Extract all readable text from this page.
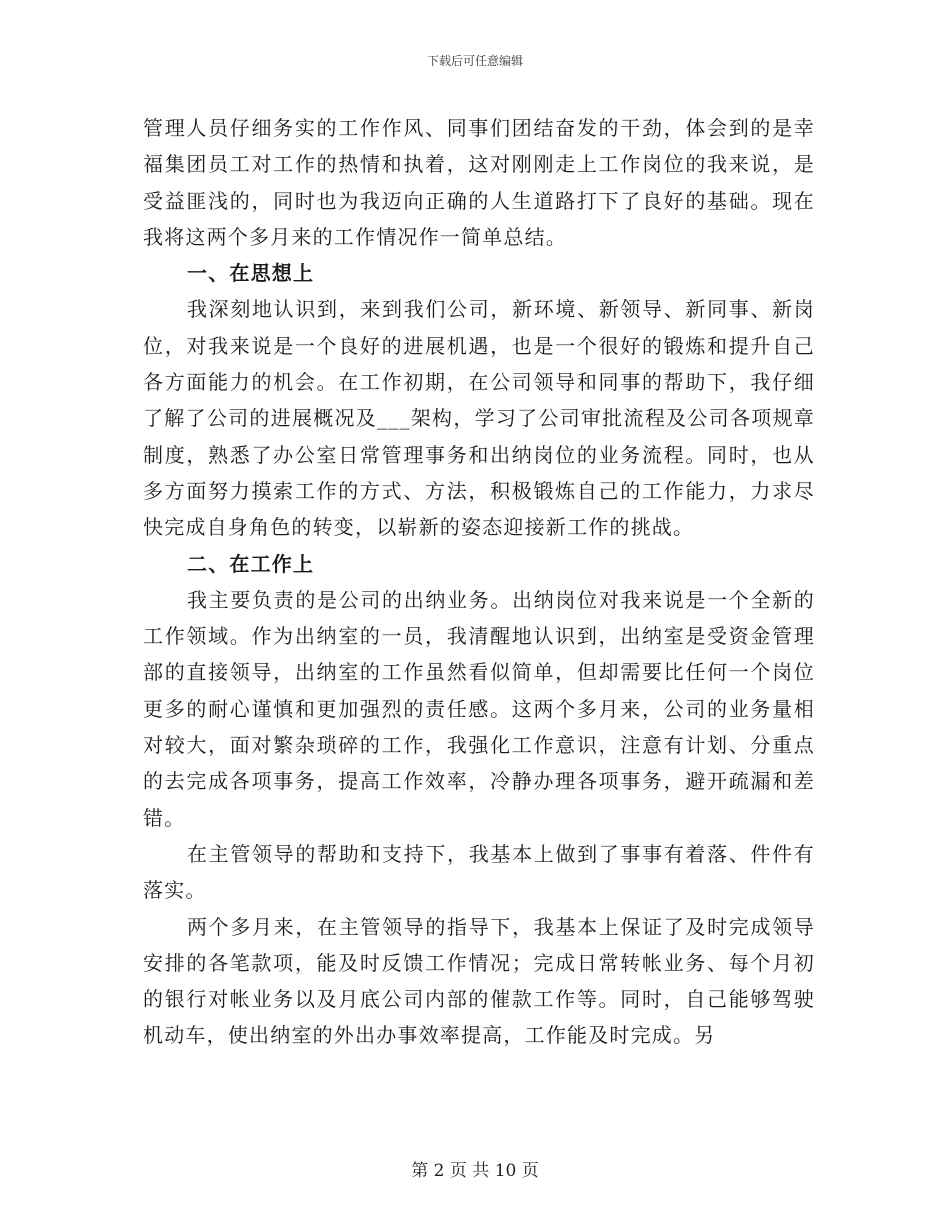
下载后可任意编辑

管理人员仔细务实的工作作风、同事们团结奋发的干劲，体会到的是幸福集团员工对工作的热情和执着，这对刚刚走上工作岗位的我来说，是受益匪浅的，同时也为我迈向正确的人生道路打下了良好的基础。现在我将这两个多月来的工作情况作一简单总结。

一、在思想上

我深刻地认识到，来到我们公司，新环境、新领导、新同事、新岗位，对我来说是一个良好的进展机遇，也是一个很好的锻炼和提升自己各方面能力的机会。在工作初期，在公司领导和同事的帮助下，我仔细了解了公司的进展概况及___架构，学习了公司审批流程及公司各项规章制度，熟悉了办公室日常管理事务和出纳岗位的业务流程。同时，也从多方面努力摸索工作的方式、方法，积极锻炼自己的工作能力，力求尽快完成自身角色的转变，以崭新的姿态迎接新工作的挑战。

二、在工作上

我主要负责的是公司的出纳业务。出纳岗位对我来说是一个全新的工作领域。作为出纳室的一员，我清醒地认识到，出纳室是受资金管理部的直接领导，出纳室的工作虽然看似简单，但却需要比任何一个岗位更多的耐心谨慎和更加强烈的责任感。这两个多月来，公司的业务量相对较大，面对繁杂琐碎的工作，我强化工作意识，注意有计划、分重点的去完成各项事务，提高工作效率，冷静办理各项事务，避开疏漏和差错。

在主管领导的帮助和支持下，我基本上做到了事事有着落、件件有落实。

两个多月来，在主管领导的指导下，我基本上保证了及时完成领导安排的各笔款项，能及时反馈工作情况；完成日常转帐业务、每个月初的银行对帐业务以及月底公司内部的催款工作等。同时，自己能够驾驶机动车，使出纳室的外出办事效率提高，工作能及时完成。另

第 2 页 共 10 页
